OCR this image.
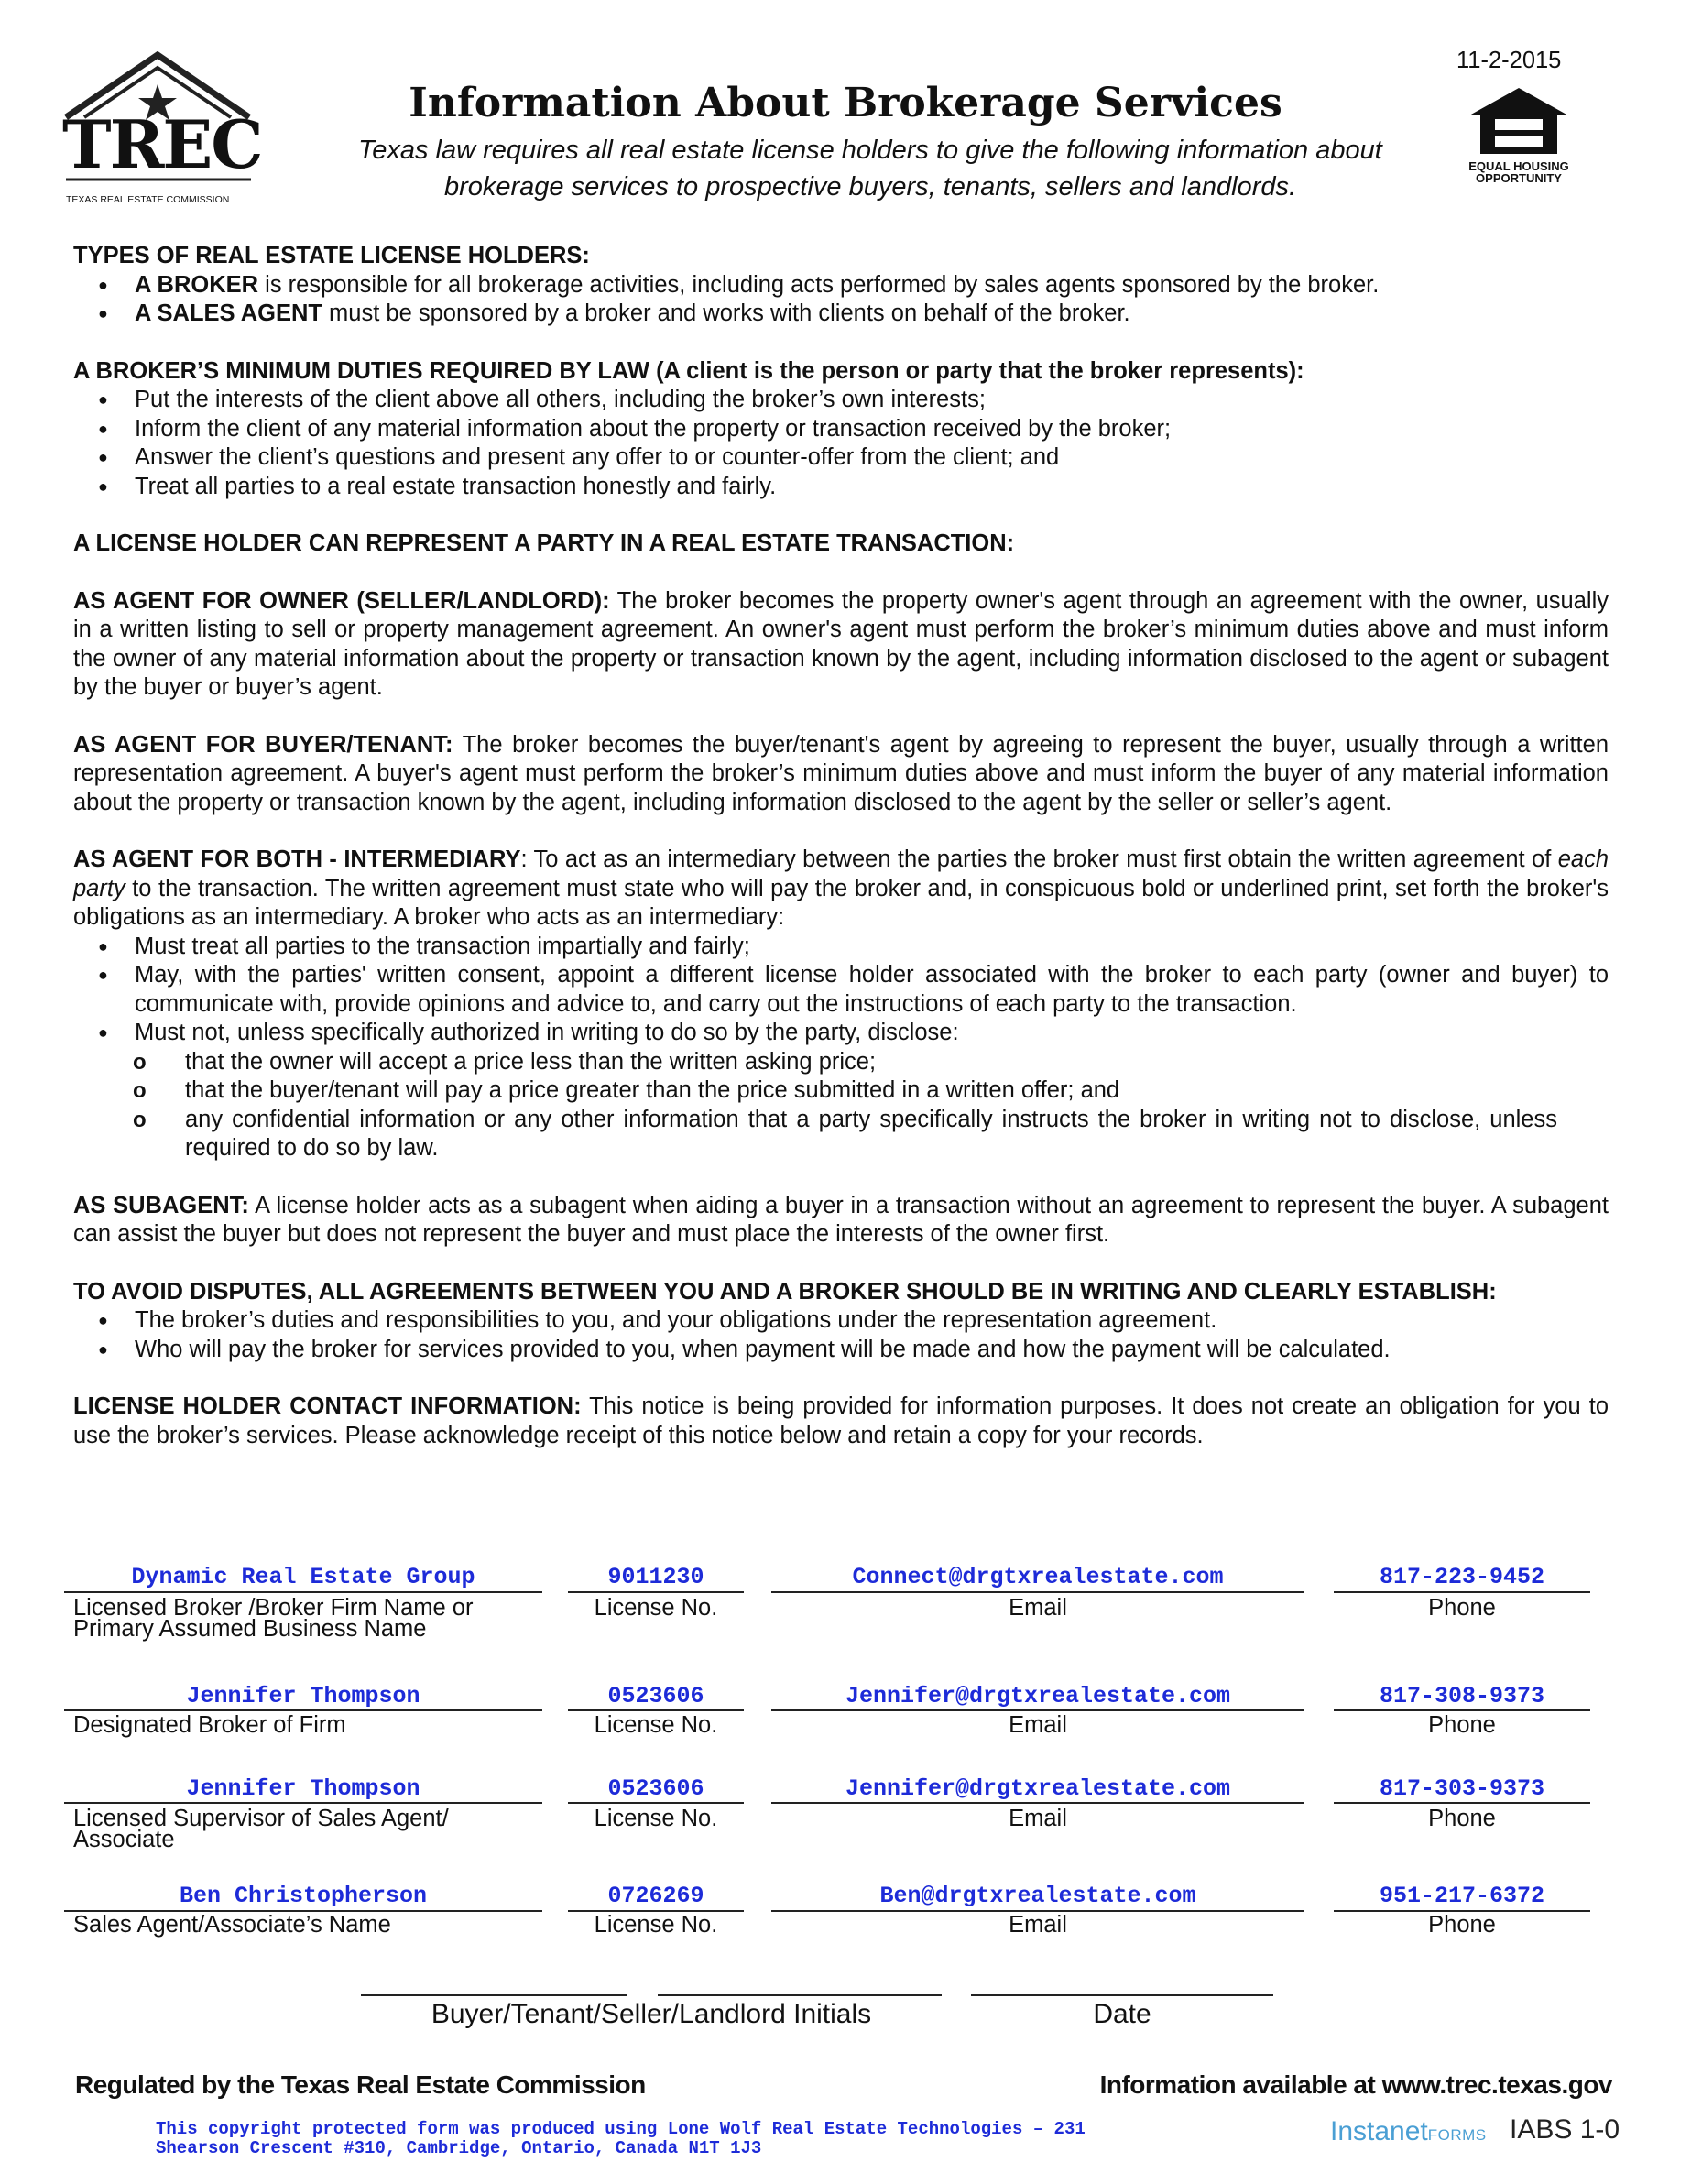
TREC
TEXAS REAL ESTATE COMMISSION
11-2-2015
Information About Brokerage Services
Texas law requires all real estate license holders to give the following information about
brokerage services to prospective buyers, tenants, sellers and landlords.
EQUAL HOUSING
OPPORTUNITY
TYPES OF REAL ESTATE LICENSE HOLDERS:
● A BROKER is responsible for all brokerage activities, including acts performed by sales agents sponsored by the broker.
● A SALES AGENT must be sponsored by a broker and works with clients on behalf of the broker.
A BROKER’S MINIMUM DUTIES REQUIRED BY LAW (A client is the person or party that the broker represents):
● Put the interests of the client above all others, including the broker’s own interests;
● Inform the client of any material information about the property or transaction received by the broker;
● Answer the client’s questions and present any offer to or counter-offer from the client; and
● Treat all parties to a real estate transaction honestly and fairly.
A LICENSE HOLDER CAN REPRESENT A PARTY IN A REAL ESTATE TRANSACTION:
AS AGENT FOR OWNER (SELLER/LANDLORD): The broker becomes the property owner's agent through an agreement with the owner, usually in a written listing to sell or property management agreement. An owner's agent must perform the broker’s minimum duties above and must inform the owner of any material information about the property or transaction known by the agent, including information disclosed to the agent or subagent by the buyer or buyer’s agent.
AS AGENT FOR BUYER/TENANT: The broker becomes the buyer/tenant's agent by agreeing to represent the buyer, usually through a written representation agreement. A buyer's agent must perform the broker’s minimum duties above and must inform the buyer of any material information about the property or transaction known by the agent, including information disclosed to the agent by the seller or seller’s agent.
AS AGENT FOR BOTH - INTERMEDIARY: To act as an intermediary between the parties the broker must first obtain the written agreement of each party to the transaction. The written agreement must state who will pay the broker and, in conspicuous bold or underlined print, set forth the broker's obligations as an intermediary. A broker who acts as an intermediary:
● Must treat all parties to the transaction impartially and fairly;
● May, with the parties' written consent, appoint a different license holder associated with the broker to each party (owner and buyer) to communicate with, provide opinions and advice to, and carry out the instructions of each party to the transaction.
● Must not, unless specifically authorized in writing to do so by the party, disclose:
o that the owner will accept a price less than the written asking price;
o that the buyer/tenant will pay a price greater than the price submitted in a written offer; and
o any confidential information or any other information that a party specifically instructs the broker in writing not to disclose, unless required to do so by law.
AS SUBAGENT: A license holder acts as a subagent when aiding a buyer in a transaction without an agreement to represent the buyer. A subagent can assist the buyer but does not represent the buyer and must place the interests of the owner first.
TO AVOID DISPUTES, ALL AGREEMENTS BETWEEN YOU AND A BROKER SHOULD BE IN WRITING AND CLEARLY ESTABLISH:
● The broker’s duties and responsibilities to you, and your obligations under the representation agreement.
● Who will pay the broker for services provided to you, when payment will be made and how the payment will be calculated.
LICENSE HOLDER CONTACT INFORMATION: This notice is being provided for information purposes. It does not create an obligation for you to use the broker’s services. Please acknowledge receipt of this notice below and retain a copy for your records.
Dynamic Real Estate Group
Licensed Broker /Broker Firm Name or Primary Assumed Business Name
9011230
License No.
Connect@drgtxrealestate.com
Email
817-223-9452
Phone
Jennifer Thompson
Designated Broker of Firm
0523606
License No.
Jennifer@drgtxrealestate.com
Email
817-308-9373
Phone
Jennifer Thompson
Licensed Supervisor of Sales Agent/ Associate
0523606
License No.
Jennifer@drgtxrealestate.com
Email
817-303-9373
Phone
Ben Christopherson
Sales Agent/Associate’s Name
0726269
License No.
Ben@drgtxrealestate.com
Email
951-217-6372
Phone
Buyer/Tenant/Seller/Landlord Initials	Date
Regulated by the Texas Real Estate Commission	Information available at www.trec.texas.gov
This copyright protected form was produced using Lone Wolf Real Estate Technologies – 231
Shearson Crescent #310, Cambridge, Ontario, Canada N1T 1J3
InstanetFORMS IABS 1-0
